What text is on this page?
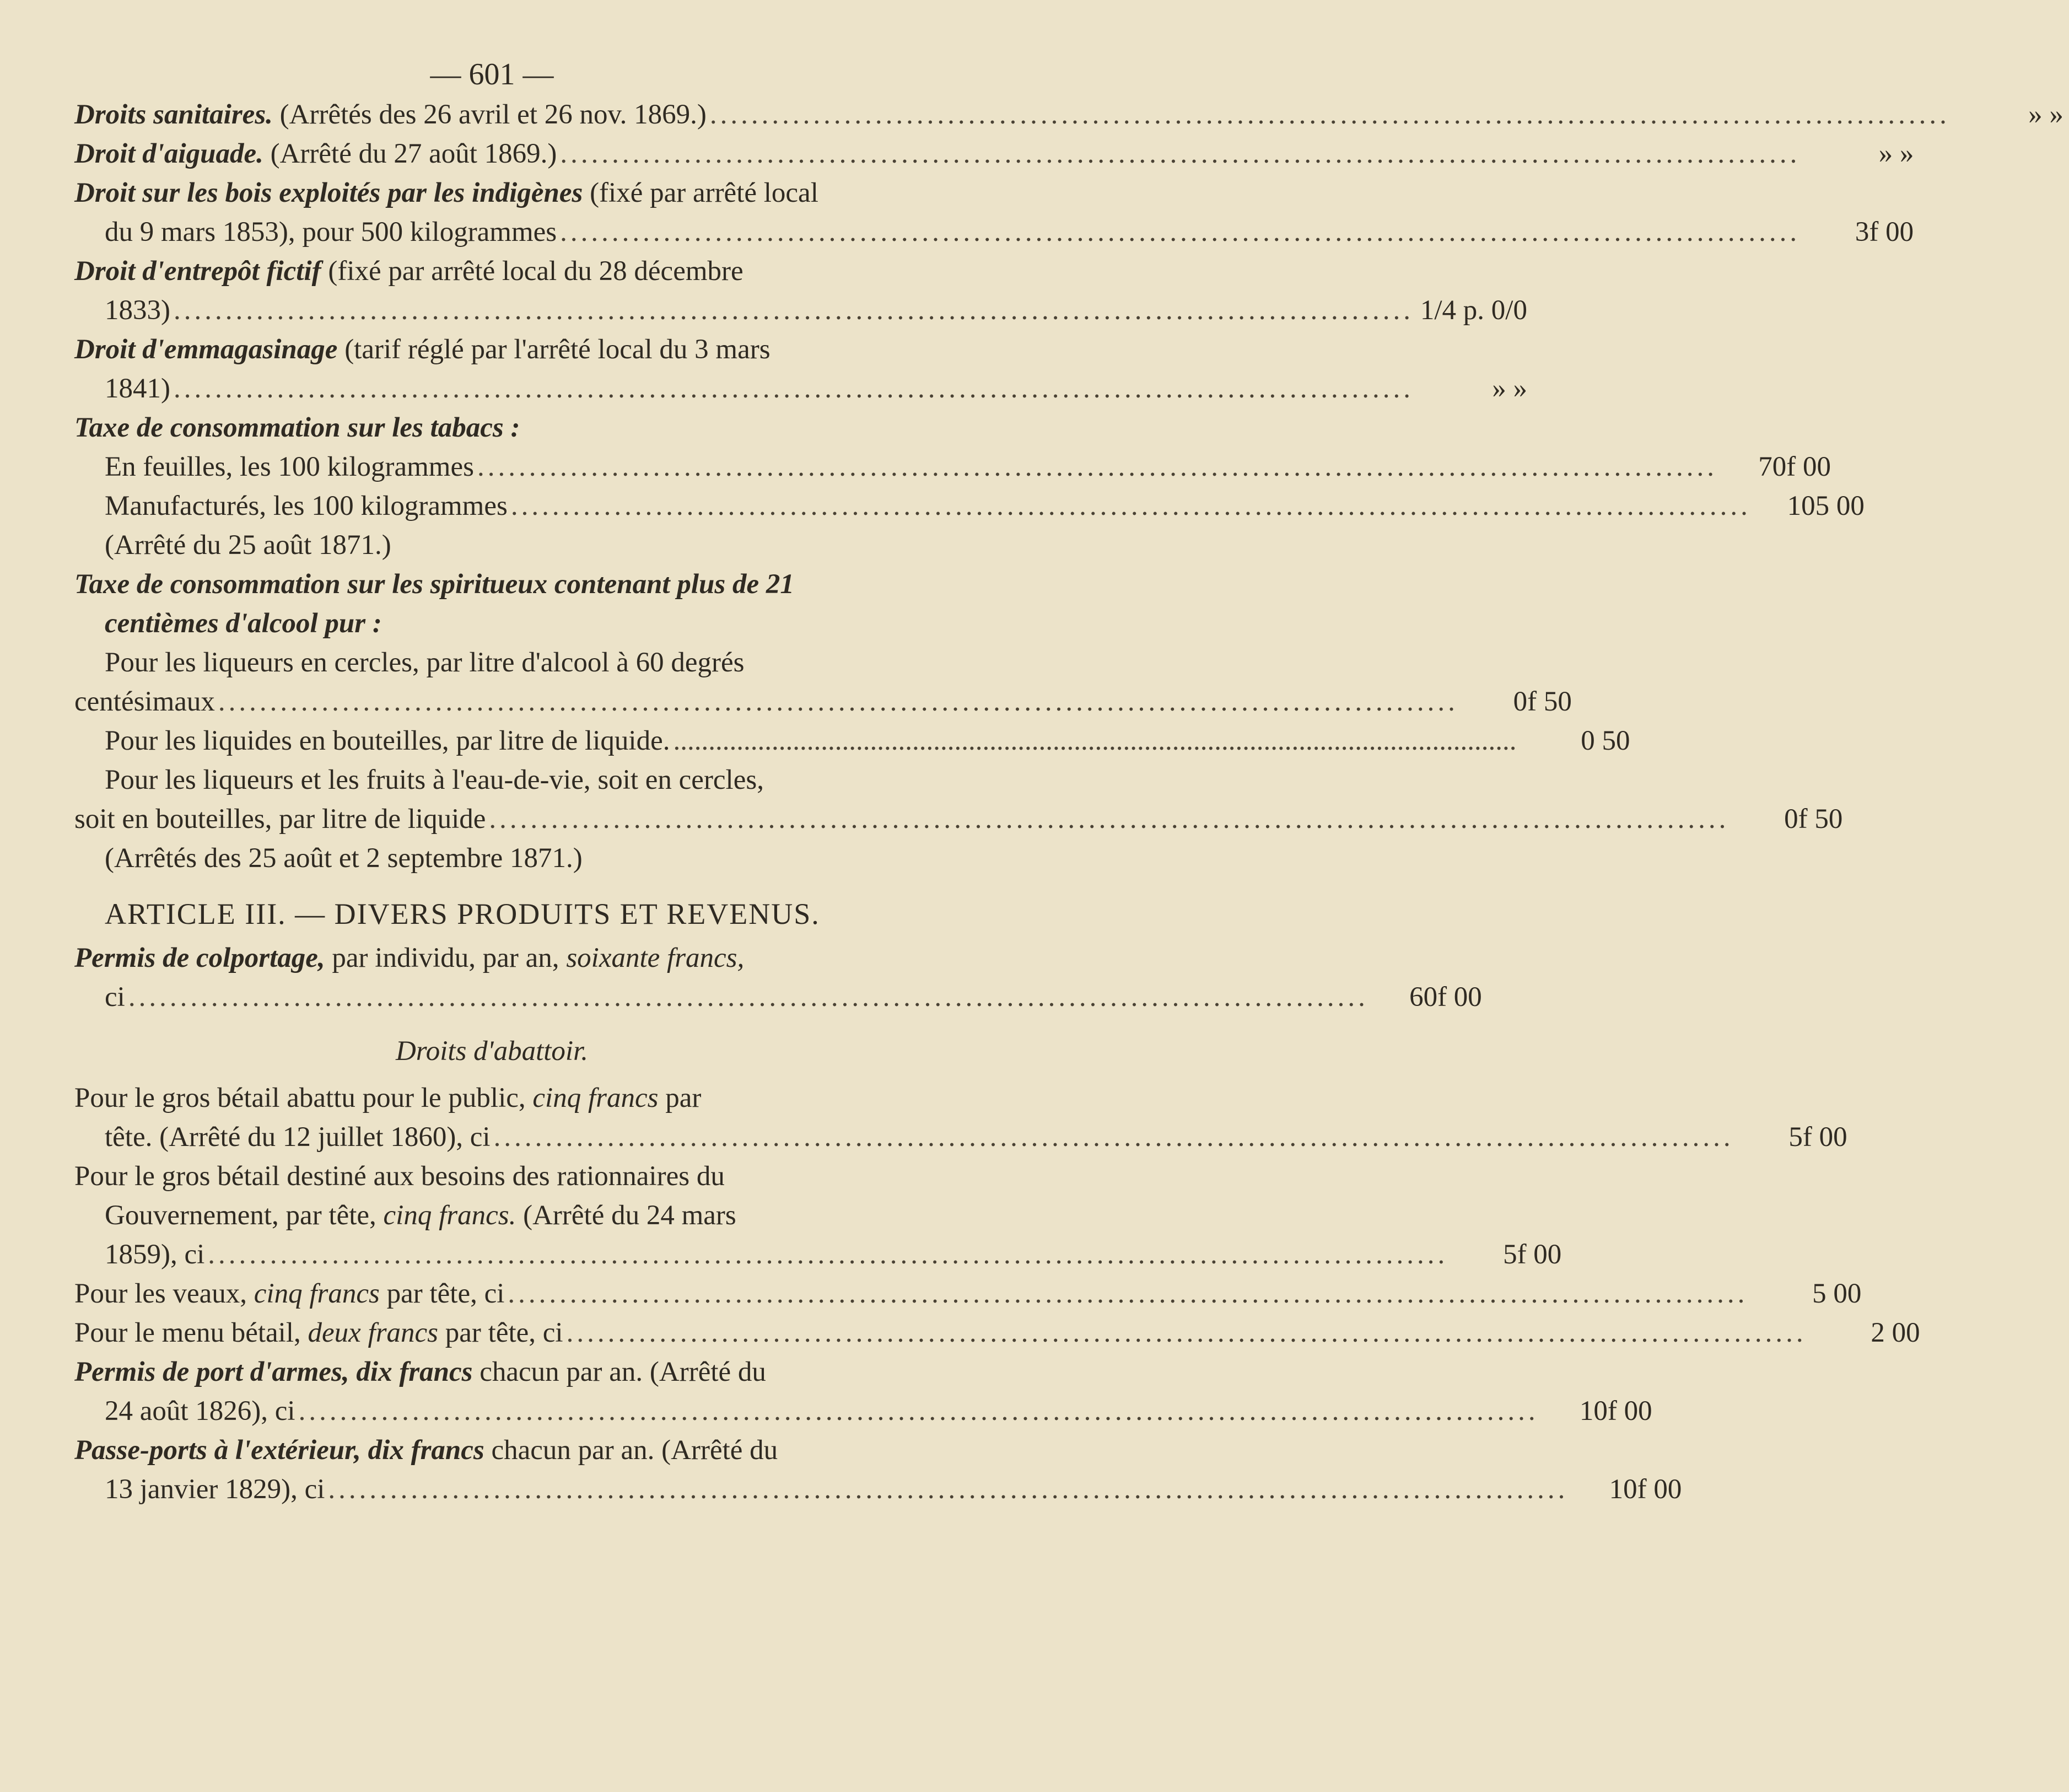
— 601 —
Droits sanitaires. (Arrêtés des 26 avril et 26 nov. 1869.) ........................................................................................................................	» »
Droit d'aiguade. (Arrêté du 27 août 1869.) ........................................................................................................................	» »
Droit sur les bois exploités par les indigènes (fixé par arrêté local
du 9 mars 1853), pour 500 kilogrammes ........................................................................................................................	3f 00
Droit d'entrepôt fictif (fixé par arrêté local du 28 décembre
1833) ........................................................................................................................ 1/4 p. 0/0
Droit d'emmagasinage (tarif réglé par l'arrêté local du 3 mars
1841) ........................................................................................................................	» »
Taxe de consommation sur les tabacs :
En feuilles, les 100 kilogrammes ........................................................................................................................	70f 00
Manufacturés, les 100 kilogrammes ........................................................................................................................	105 00
(Arrêté du 25 août 1871.)
Taxe de consommation sur les spiritueux contenant plus de 21
centièmes d'alcool pur :
Pour les liqueurs en cercles, par litre d'alcool à 60 degrés
centésimaux ........................................................................................................................	0f 50
Pour les liquides en bouteilles, par litre de liquide. ........................................................................................................................	0 50
Pour les liqueurs et les fruits à l'eau-de-vie, soit en cercles,
soit en bouteilles, par litre de liquide ........................................................................................................................	0f 50
(Arrêtés des 25 août et 2 septembre 1871.)
ARTICLE III. — DIVERS PRODUITS ET REVENUS.
Permis de colportage, par individu, par an, soixante francs,
ci ........................................................................................................................	60f 00
Droits d'abattoir.
Pour le gros bétail abattu pour le public, cinq francs par
tête. (Arrêté du 12 juillet 1860), ci ........................................................................................................................	5f 00
Pour le gros bétail destiné aux besoins des rationnaires du
Gouvernement, par tête, cinq francs. (Arrêté du 24 mars
1859), ci ........................................................................................................................	5f 00
Pour les veaux, cinq francs par tête, ci ........................................................................................................................	5 00
Pour le menu bétail, deux francs par tête, ci ........................................................................................................................	2 00
Permis de port d'armes, dix francs chacun par an. (Arrêté du
24 août 1826), ci ........................................................................................................................	10f 00
Passe-ports à l'extérieur, dix francs chacun par an. (Arrêté du
13 janvier 1829), ci ........................................................................................................................	10f 00
